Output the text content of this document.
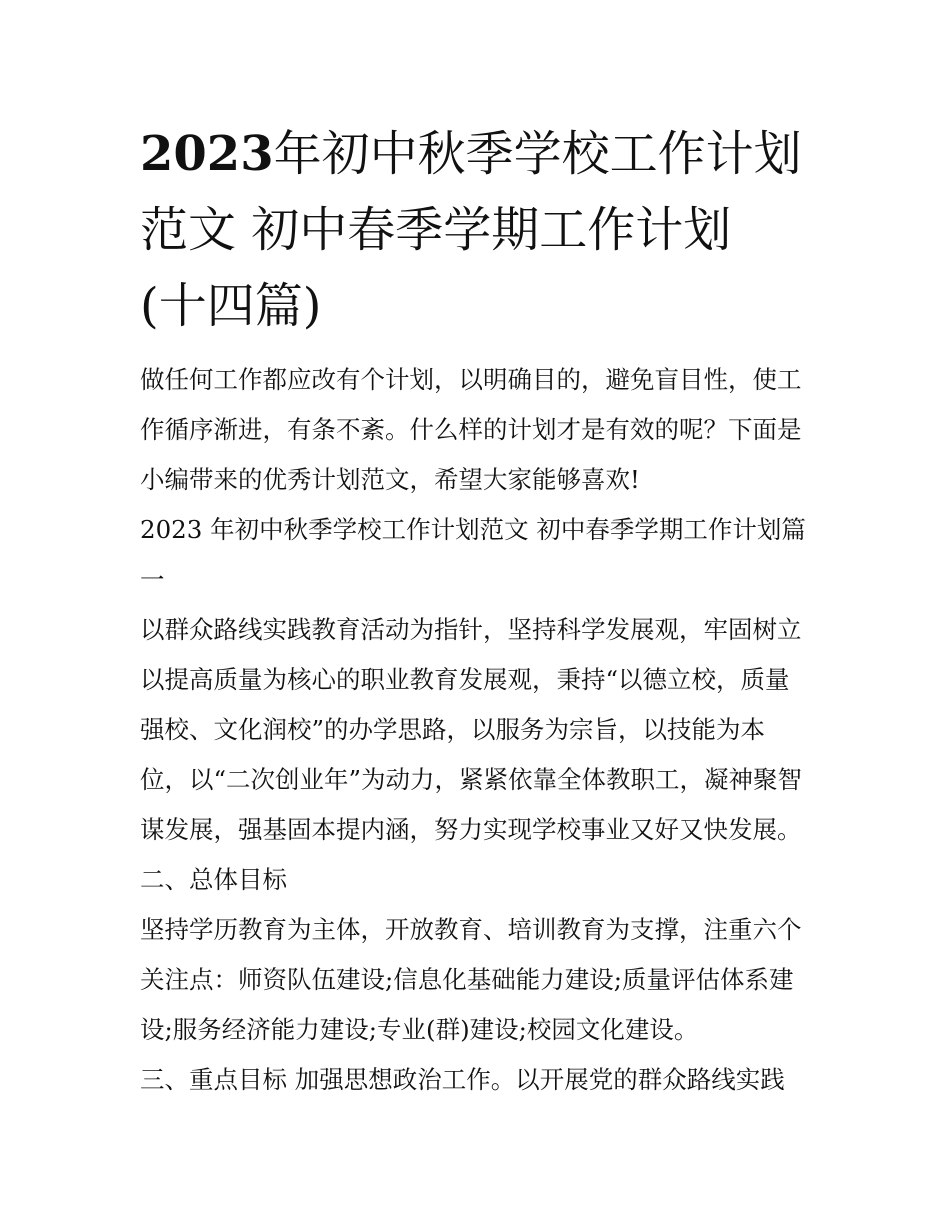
2023年初中秋季学校工作计划
范文 初中春季学期工作计划
(十四篇)

做任何工作都应改有个计划，以明确目的，避免盲目性，使工
作循序渐进，有条不紊。什么样的计划才是有效的呢？下面是
小编带来的优秀计划范文，希望大家能够喜欢!

2023 年初中秋季学校工作计划范文 初中春季学期工作计划篇
一

以群众路线实践教育活动为指针，坚持科学发展观，牢固树立
以提高质量为核心的职业教育发展观，秉持“以德立校，质量
强校、文化润校”的办学思路，以服务为宗旨，以技能为本
位，以“二次创业年”为动力，紧紧依靠全体教职工，凝神聚智
谋发展，强基固本提内涵，努力实现学校事业又好又快发展。

二、总体目标

坚持学历教育为主体，开放教育、培训教育为支撑，注重六个
关注点：师资队伍建设;信息化基础能力建设;质量评估体系建
设;服务经济能力建设;专业(群)建设;校园文化建设。

三、重点目标 加强思想政治工作。以开展党的群众路线实践
